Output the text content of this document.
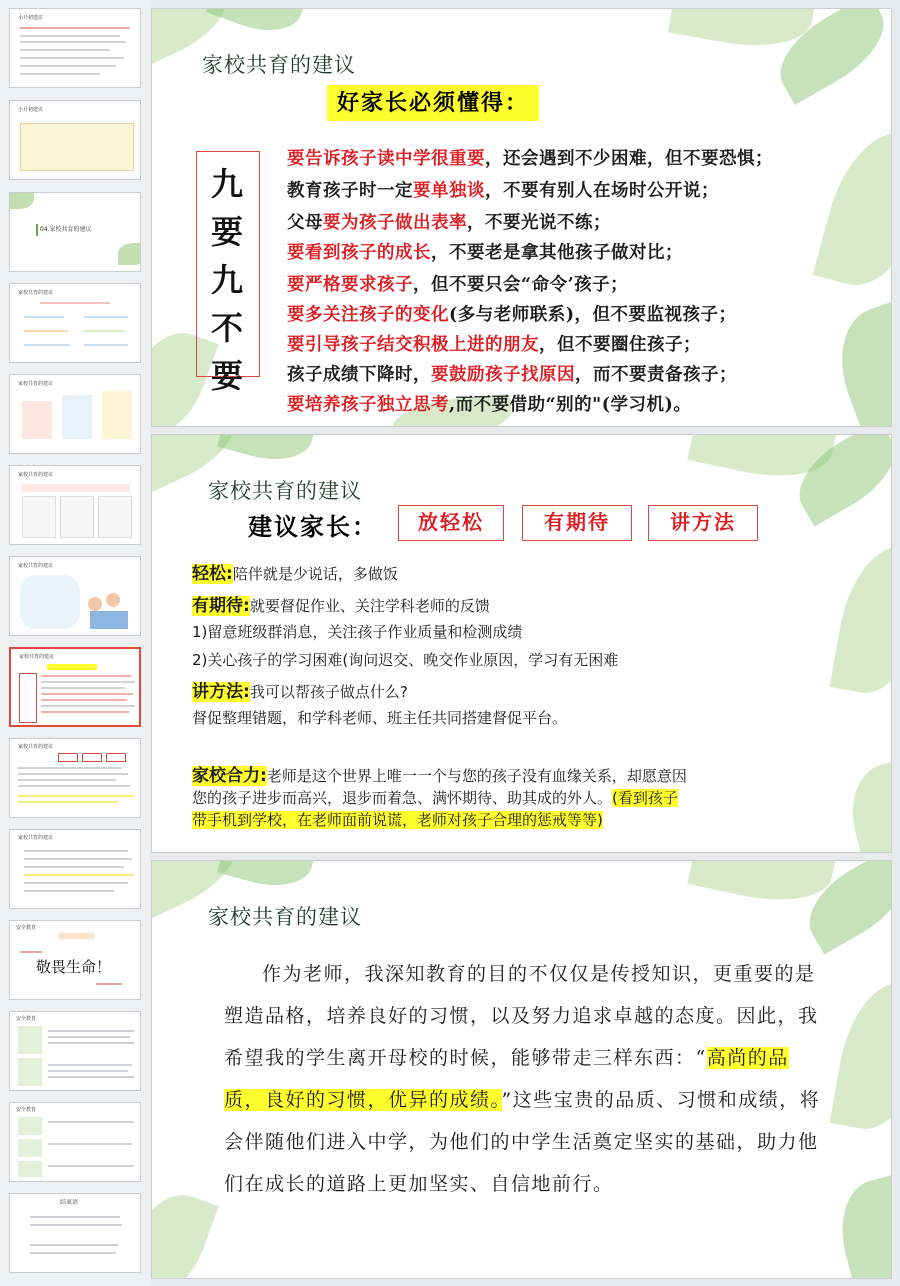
小升初建议
小升初建议
04.家校共育的建议
家校共育的建议
家校共育的建议
家校共育的建议
家校共育的建议
家校共育的建议
家校共育的建议
家校共育的建议
安全教育
敬畏生命！
安全教育
安全教育
结束语
家校共育的建议
好家长必须懂得：
九
要
九
不
要
要告诉孩子读中学很重要，还会遇到不少困难，但不要恐惧；
教育孩子时一定要单独谈，不要有别人在场时公开说；
父母要为孩子做出表率，不要光说不练；
要看到孩子的成长，不要老是拿其他孩子做对比；
要严格要求孩子，但不要只会“命令’孩子；
要多关注孩子的变化(多与老师联系)，但不要监视孩子；
要引导孩子结交积极上进的朋友，但不要圈住孩子；
孩子成绩下降时，要鼓励孩子找原因，而不要责备孩子；
要培养孩子独立思考,而不要借助“别的"(学习机)。
家校共育的建议
建议家长：	放轻松	有期待	讲方法
轻松:陪伴就是少说话，多做饭
有期待:就要督促作业、关注学科老师的反馈
1)留意班级群消息，关注孩子作业质量和检测成绩
2)关心孩子的学习困难(询问迟交、晚交作业原因，学习有无困难
讲方法:我可以帮孩子做点什么?
督促整理错题，和学科老师、班主任共同搭建督促平台。
家校合力:老师是这个世界上唯一一个与您的孩子没有血缘关系，却愿意因
您的孩子进步而高兴，退步而着急、满怀期待、助其成的外人。(看到孩子
带手机到学校，在老师面前说谎，老师对孩子合理的惩戒等等)
家校共育的建议
作为老师，我深知教育的目的不仅仅是传授知识，更重要的是塑造品格，培养良好的习惯，以及努力追求卓越的态度。因此，我希望我的学生离开母校的时候，能够带走三样东西：“高尚的品质，良好的习惯，优异的成绩。”这些宝贵的品质、习惯和成绩，将会伴随他们进入中学，为他们的中学生活奠定坚实的基础，助力他们在成长的道路上更加坚实、自信地前行。
